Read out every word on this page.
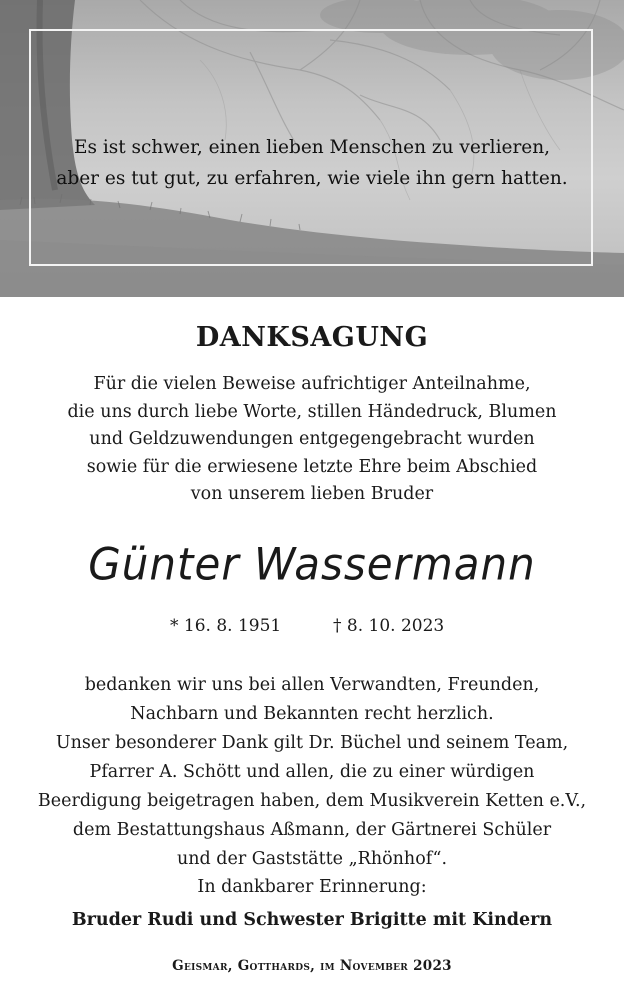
Es ist schwer, einen lieben Menschen zu verlieren,
aber es tut gut, zu erfahren, wie viele ihn gern hatten.
DANKSAGUNG
Für die vielen Beweise aufrichtiger Anteilnahme,
die uns durch liebe Worte, stillen Händedruck, Blumen
und Geldzuwendungen entgegengebracht wurden
sowie für die erwiesene letzte Ehre beim Abschied
von unserem lieben Bruder
Günter Wassermann
* 16. 8. 1951	† 8. 10. 2023
bedanken wir uns bei allen Verwandten, Freunden,
Nachbarn und Bekannten recht herzlich.
Unser besonderer Dank gilt Dr. Büchel und seinem Team,
Pfarrer A. Schött und allen, die zu einer würdigen
Beerdigung beigetragen haben, dem Musikverein Ketten e.V.,
dem Bestattungshaus Aßmann, der Gärtnerei Schüler
und der Gaststätte „Rhönhof“.
In dankbarer Erinnerung:
Bruder Rudi und Schwester Brigitte mit Kindern
Geismar, Gotthards, im November 2023
